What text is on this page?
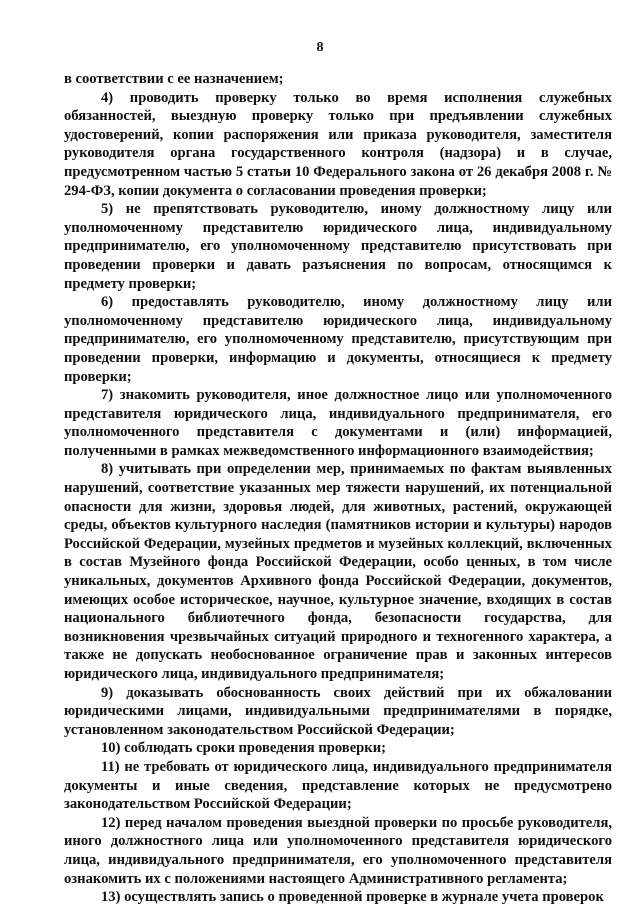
8

в соответствии с ее назначением;

4) проводить проверку только во время исполнения служебных обязанностей, выездную проверку только при предъявлении служебных удостоверений, копии распоряжения или приказа руководителя, заместителя руководителя органа государственного контроля (надзора) и в случае, предусмотренном частью 5 статьи 10 Федерального закона от 26 декабря 2008 г. № 294-ФЗ, копии документа о согласовании проведения проверки;

5) не препятствовать руководителю, иному должностному лицу или уполномоченному представителю юридического лица, индивидуальному предпринимателю, его уполномоченному представителю присутствовать при проведении проверки и давать разъяснения по вопросам, относящимся к предмету проверки;

6) предоставлять руководителю, иному должностному лицу или уполномоченному представителю юридического лица, индивидуальному предпринимателю, его уполномоченному представителю, присутствующим при проведении проверки, информацию и документы, относящиеся к предмету проверки;

7) знакомить руководителя, иное должностное лицо или уполномоченного представителя юридического лица, индивидуального предпринимателя, его уполномоченного представителя с документами и (или) информацией, полученными в рамках межведомственного информационного взаимодействия;

8) учитывать при определении мер, принимаемых по фактам выявленных нарушений, соответствие указанных мер тяжести нарушений, их потенциальной опасности для жизни, здоровья людей, для животных, растений, окружающей среды, объектов культурного наследия (памятников истории и культуры) народов Российской Федерации, музейных предметов и музейных коллекций, включенных в состав Музейного фонда Российской Федерации, особо ценных, в том числе уникальных, документов Архивного фонда Российской Федерации, документов, имеющих особое историческое, научное, культурное значение, входящих в состав национального библиотечного фонда, безопасности государства, для возникновения чрезвычайных ситуаций природного и техногенного характера, а также не допускать необоснованное ограничение прав и законных интересов юридического лица, индивидуального предпринимателя;

9) доказывать обоснованность своих действий при их обжаловании юридическими лицами, индивидуальными предпринимателями в порядке, установленном законодательством Российской Федерации;

10) соблюдать сроки проведения проверки;

11) не требовать от юридического лица, индивидуального предпринимателя документы и иные сведения, представление которых не предусмотрено законодательством Российской Федерации;

12) перед началом проведения выездной проверки по просьбе руководителя, иного должностного лица или уполномоченного представителя юридического лица, индивидуального предпринимателя, его уполномоченного представителя ознакомить их с положениями настоящего Административного регламента;

13) осуществлять запись о проведенной проверке в журнале учета проверок
